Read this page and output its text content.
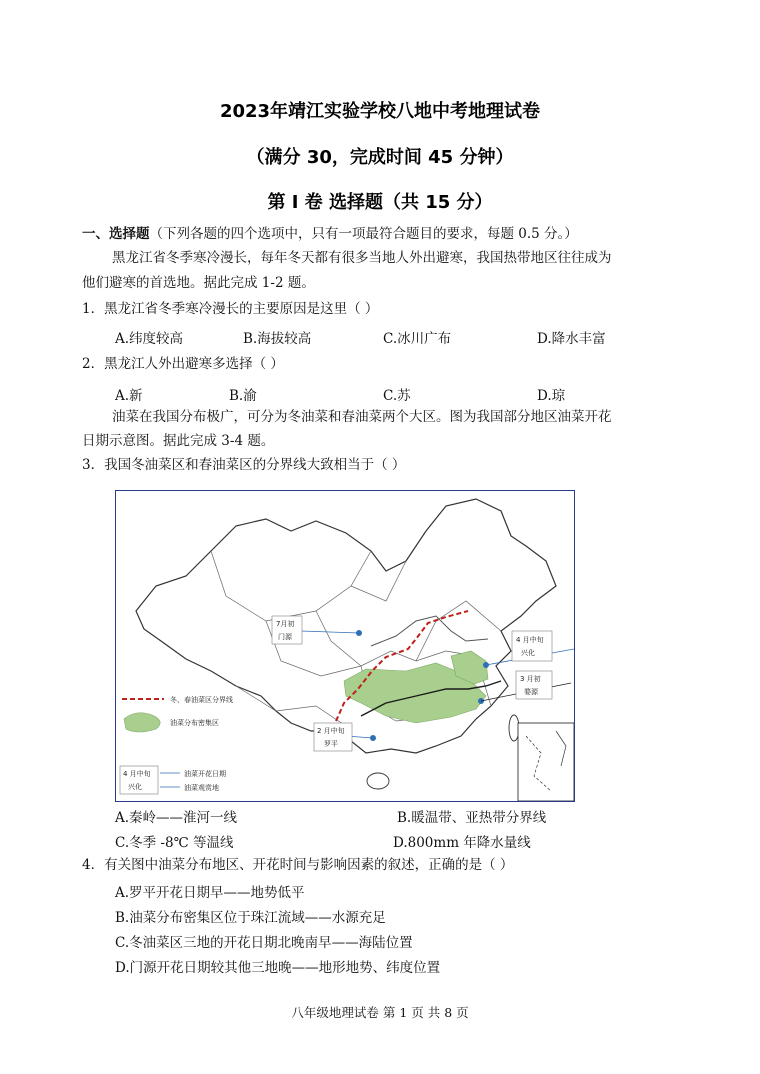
2023年靖江实验学校八地中考地理试卷
（满分 30，完成时间 45 分钟）
第 I 卷 选择题（共 15 分）
一、选择题（下列各题的四个选项中，只有一项最符合题目的要求，每题 0.5 分。）
黑龙江省冬季寒冷漫长，每年冬天都有很多当地人外出避寒，我国热带地区往往成为
他们避寒的首选地。据此完成 1-2 题。
1．黑龙江省冬季寒冷漫长的主要原因是这里（ ）
A.纬度较高	B.海拔较高	C.冰川广布	D.降水丰富
2．黑龙江人外出避寒多选择（ ）
A.新	B.渝	C.苏	D.琼
油菜在我国分布极广，可分为冬油菜和春油菜两个大区。图为我国部分地区油菜开花
日期示意图。据此完成 3-4 题。
3．我国冬油菜区和春油菜区的分界线大致相当于（ ）
7月初
门源	4 月中旬
兴化
3 月初
婺源
2 月中旬
罗平
冬、春油菜区分界线
油菜分布密集区
4 月中旬
兴化
油菜开花日期
油菜观赏地
A.秦岭——淮河一线	B.暖温带、亚热带分界线
C.冬季 -8℃ 等温线	D.800mm 年降水量线
4．有关图中油菜分布地区、开花时间与影响因素的叙述，正确的是（ ）
A.罗平开花日期早——地势低平
B.油菜分布密集区位于珠江流域——水源充足
C.冬油菜区三地的开花日期北晚南早——海陆位置
D.门源开花日期较其他三地晚——地形地势、纬度位置
八年级地理试卷 第 1 页 共 8 页
